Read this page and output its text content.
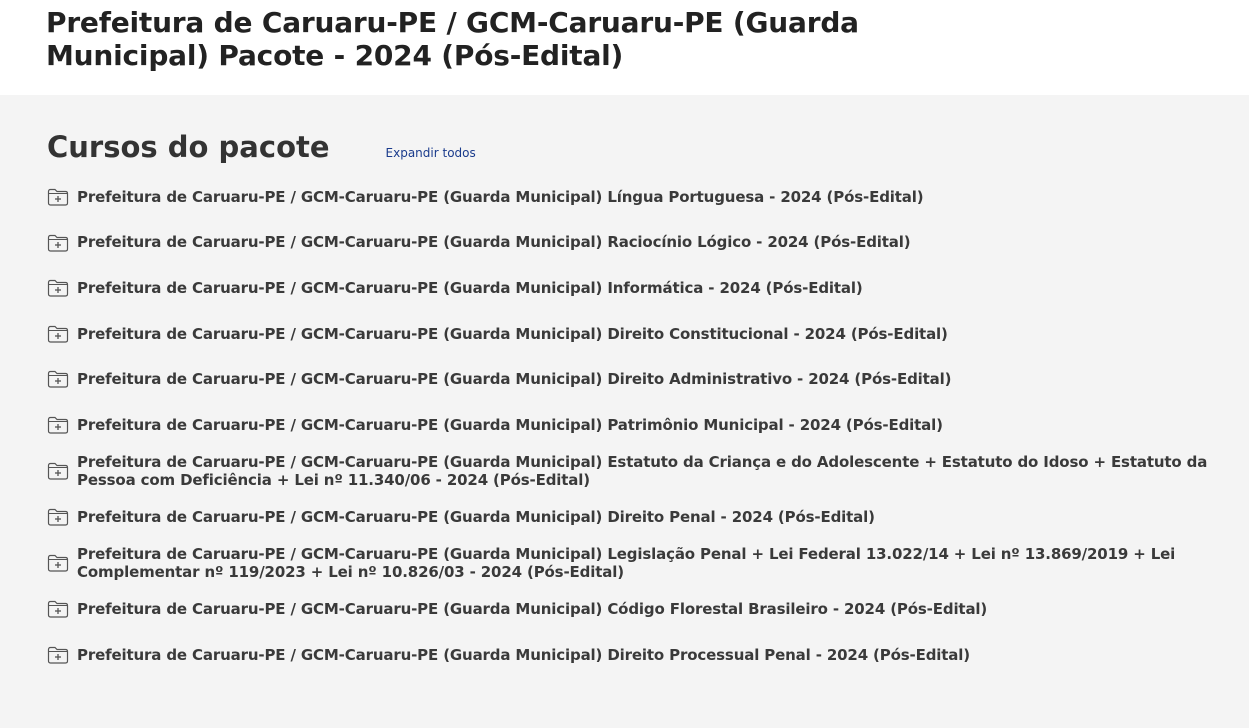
Prefeitura de Caruaru-PE / GCM-Caruaru-PE (Guarda Municipal) Pacote - 2024 (Pós-Edital)
Cursos do pacote	Expandir todos
Prefeitura de Caruaru-PE / GCM-Caruaru-PE (Guarda Municipal) Língua Portuguesa - 2024 (Pós-Edital)
Prefeitura de Caruaru-PE / GCM-Caruaru-PE (Guarda Municipal) Raciocínio Lógico - 2024 (Pós-Edital)
Prefeitura de Caruaru-PE / GCM-Caruaru-PE (Guarda Municipal) Informática - 2024 (Pós-Edital)
Prefeitura de Caruaru-PE / GCM-Caruaru-PE (Guarda Municipal) Direito Constitucional - 2024 (Pós-Edital)
Prefeitura de Caruaru-PE / GCM-Caruaru-PE (Guarda Municipal) Direito Administrativo - 2024 (Pós-Edital)
Prefeitura de Caruaru-PE / GCM-Caruaru-PE (Guarda Municipal) Patrimônio Municipal - 2024 (Pós-Edital)
Prefeitura de Caruaru-PE / GCM-Caruaru-PE (Guarda Municipal) Estatuto da Criança e do Adolescente + Estatuto do Idoso + Estatuto da Pessoa com Deficiência + Lei nº 11.340/06 - 2024 (Pós-Edital)
Prefeitura de Caruaru-PE / GCM-Caruaru-PE (Guarda Municipal) Direito Penal - 2024 (Pós-Edital)
Prefeitura de Caruaru-PE / GCM-Caruaru-PE (Guarda Municipal) Legislação Penal + Lei Federal 13.022/14 + Lei nº 13.869/2019 + Lei Complementar nº 119/2023 + Lei nº 10.826/03 - 2024 (Pós-Edital)
Prefeitura de Caruaru-PE / GCM-Caruaru-PE (Guarda Municipal) Código Florestal Brasileiro - 2024 (Pós-Edital)
Prefeitura de Caruaru-PE / GCM-Caruaru-PE (Guarda Municipal) Direito Processual Penal - 2024 (Pós-Edital)
